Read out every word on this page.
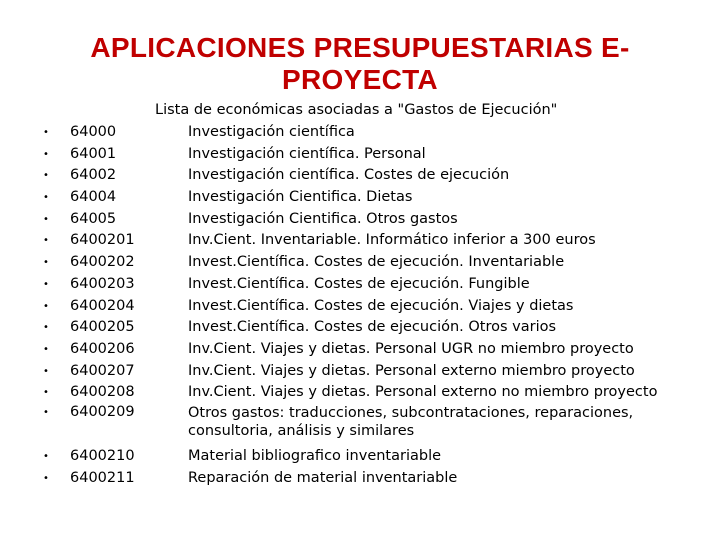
APLICACIONES PRESUPUESTARIAS E-
PROYECTA
Lista de económicas asociadas a "Gastos de Ejecución"
• 64000	Investigación científica
• 64001	Investigación científica. Personal
• 64002	Investigación científica. Costes de ejecución
• 64004	Investigación Cientifica. Dietas
• 64005	Investigación Cientifica. Otros gastos
• 6400201	Inv.Cient. Inventariable. Informático inferior a 300 euros
• 6400202	Invest.Científica. Costes de ejecución. Inventariable
• 6400203	Invest.Científica. Costes de ejecución. Fungible
• 6400204	Invest.Científica. Costes de ejecución. Viajes y dietas
• 6400205	Invest.Científica. Costes de ejecución. Otros varios
• 6400206	Inv.Cient. Viajes y dietas. Personal UGR no miembro proyecto
• 6400207	Inv.Cient. Viajes y dietas. Personal externo miembro proyecto
• 6400208	Inv.Cient. Viajes y dietas. Personal externo no miembro proyecto
• 6400209	Otros gastos: traducciones, subcontrataciones, reparaciones, consultoria, análisis y similares
• 6400210	Material bibliografico inventariable
• 6400211	Reparación de material inventariable
